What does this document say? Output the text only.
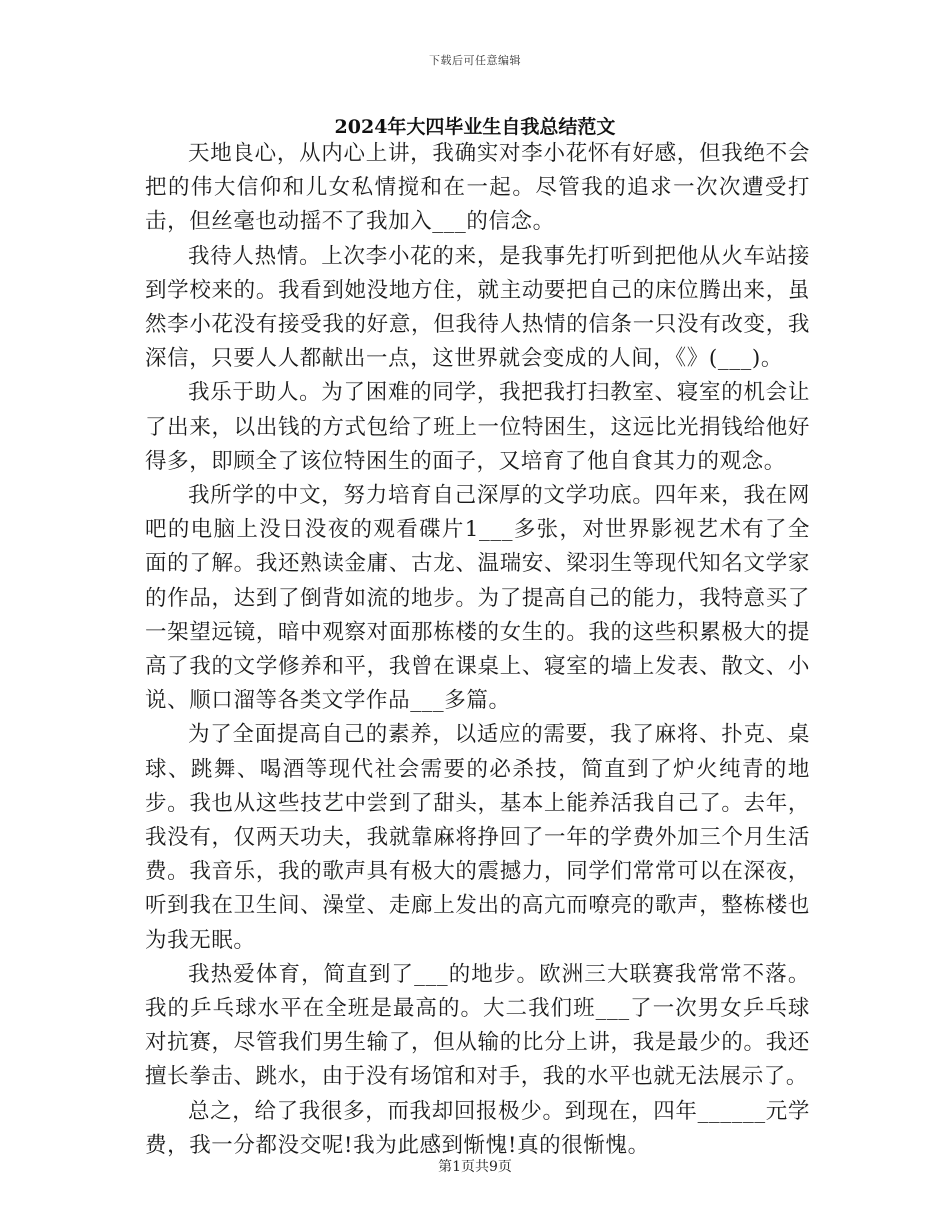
下载后可任意编辑
2024年大四毕业生自我总结范文

天地良心，从内心上讲，我确实对李小花怀有好感，但我绝不会把的伟大信仰和儿女私情搅和在一起。尽管我的追求一次次遭受打击，但丝毫也动摇不了我加入___的信念。

我待人热情。上次李小花的来，是我事先打听到把他从火车站接到学校来的。我看到她没地方住，就主动要把自己的床位腾出来，虽然李小花没有接受我的好意，但我待人热情的信条一只没有改变，我深信，只要人人都献出一点，这世界就会变成的人间，《》(___)。

我乐于助人。为了困难的同学，我把我打扫教室、寝室的机会让了出来，以出钱的方式包给了班上一位特困生，这远比光捐钱给他好得多，即顾全了该位特困生的面子，又培育了他自食其力的观念。

我所学的中文，努力培育自己深厚的文学功底。四年来，我在网吧的电脑上没日没夜的观看碟片1___多张，对世界影视艺术有了全面的了解。我还熟读金庸、古龙、温瑞安、梁羽生等现代知名文学家的作品，达到了倒背如流的地步。为了提高自己的能力，我特意买了一架望远镜，暗中观察对面那栋楼的女生的。我的这些积累极大的提高了我的文学修养和平，我曾在课桌上、寝室的墙上发表、散文、小说、顺口溜等各类文学作品___多篇。

为了全面提高自己的素养，以适应的需要，我了麻将、扑克、桌球、跳舞、喝酒等现代社会需要的必杀技，简直到了炉火纯青的地步。我也从这些技艺中尝到了甜头，基本上能养活我自己了。去年，我没有，仅两天功夫，我就靠麻将挣回了一年的学费外加三个月生活费。我音乐，我的歌声具有极大的震撼力，同学们常常可以在深夜，听到我在卫生间、澡堂、走廊上发出的高亢而嘹亮的歌声，整栋楼也为我无眠。

我热爱体育，简直到了___的地步。欧洲三大联赛我常常不落。我的乒乓球水平在全班是最高的。大二我们班___了一次男女乒乓球对抗赛，尽管我们男生输了，但从输的比分上讲，我是最少的。我还擅长拳击、跳水，由于没有场馆和对手，我的水平也就无法展示了。

总之，给了我很多，而我却回报极少。到现在，四年______元学费，我一分都没交呢!我为此感到惭愧!真的很惭愧。

第1页共9页
